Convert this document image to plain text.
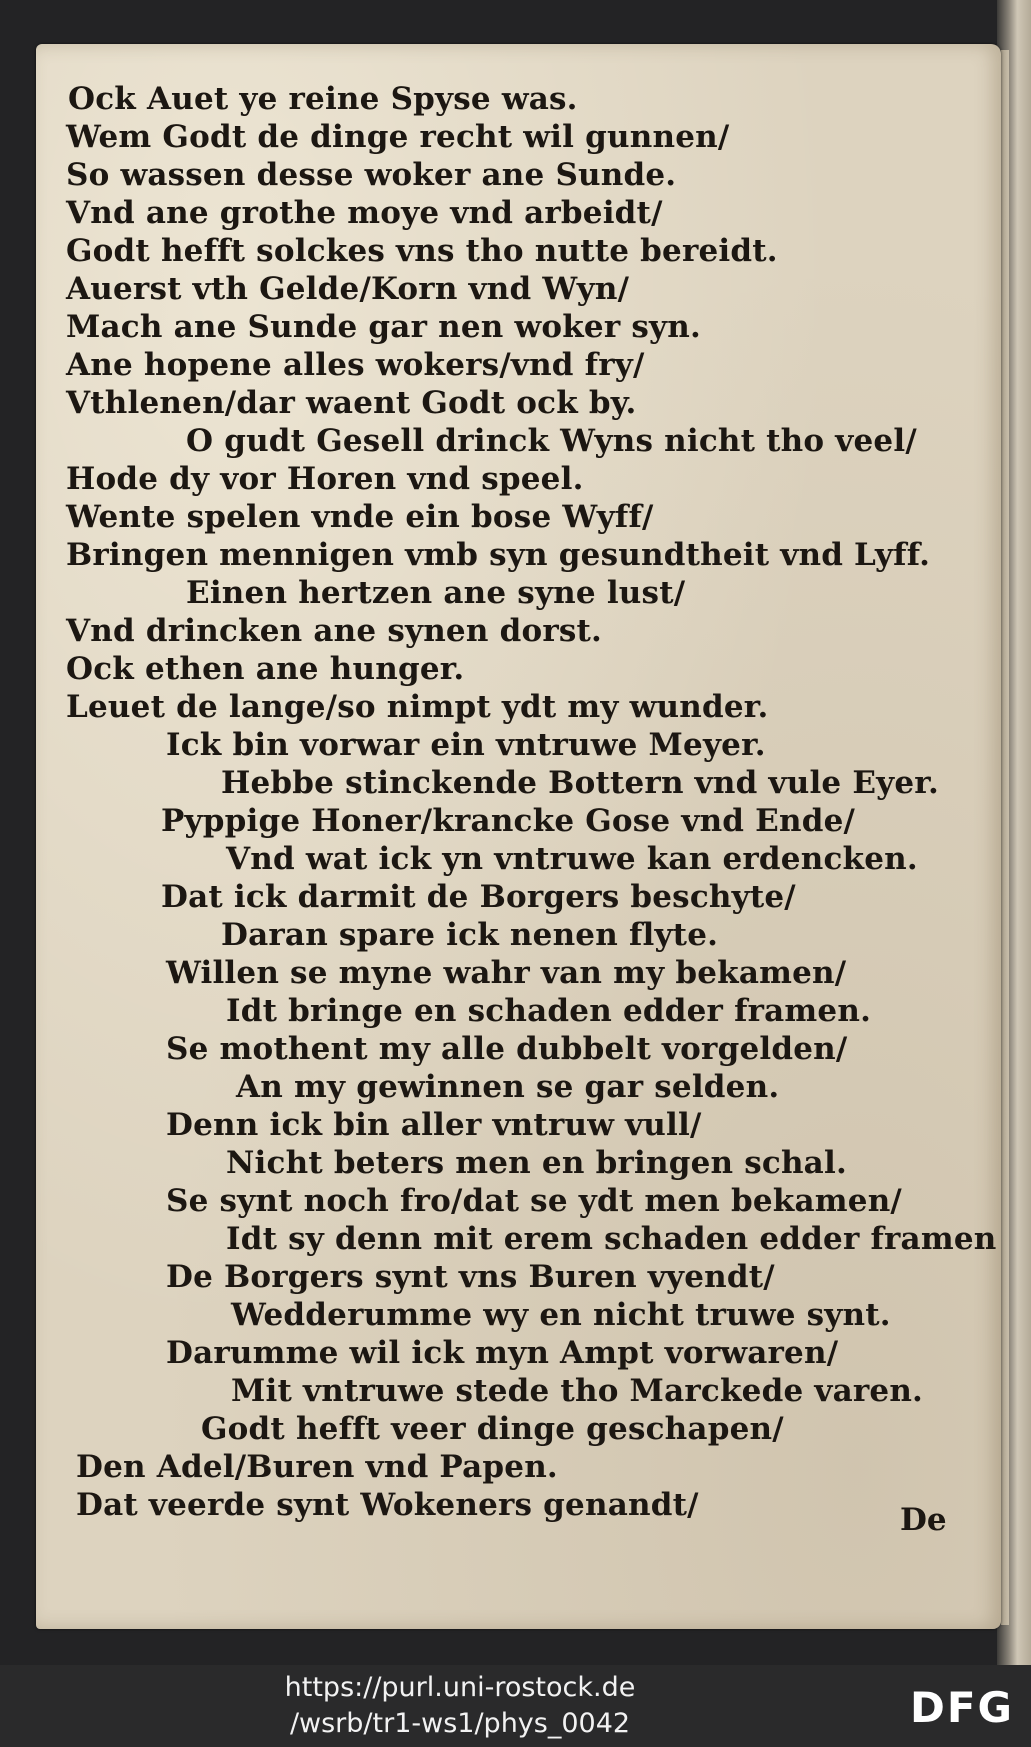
Ock Auet ye reine Spyse was.
Wem Godt de dinge recht wil gunnen/
So wassen desse woker ane Sunde.
Vnd ane grothe moye vnd arbeidt/
Godt hefft solckes vns tho nutte bereidt.
Auerst vth Gelde/Korn vnd Wyn/
Mach ane Sunde gar nen woker syn.
Ane hopene alles wokers/vnd fry/
Vthlenen/dar waent Godt ock by.
O gudt Gesell drinck Wyns nicht tho veel/
Hode dy vor Horen vnd speel.
Wente spelen vnde ein bose Wyff/
Bringen mennigen vmb syn gesundtheit vnd Lyff.
Einen hertzen ane syne lust/
Vnd drincken ane synen dorst.
Ock ethen ane hunger.
Leuet de lange/so nimpt ydt my wunder.
Ick bin vorwar ein vntruwe Meyer.
Hebbe stinckende Bottern vnd vule Eyer.
Pyppige Honer/krancke Gose vnd Ende/
Vnd wat ick yn vntruwe kan erdencken.
Dat ick darmit de Borgers beschyte/
Daran spare ick nenen flyte.
Willen se myne wahr van my bekamen/
Idt bringe en schaden edder framen.
Se mothent my alle dubbelt vorgelden/
An my gewinnen se gar selden.
Denn ick bin aller vntruw vull/
Nicht beters men en bringen schal.
Se synt noch fro/dat se ydt men bekamen/
Idt sy denn mit erem schaden edder framen
De Borgers synt vns Buren vyendt/
Wedderumme wy en nicht truwe synt.
Darumme wil ick myn Ampt vorwaren/
Mit vntruwe stede tho Marckede varen.
Godt hefft veer dinge geschapen/
Den Adel/Buren vnd Papen.
Dat veerde synt Wokeners genandt/	De
https://purl.uni-rostock.de
/wsrb/tr1-ws1/phys_0042	DFG
